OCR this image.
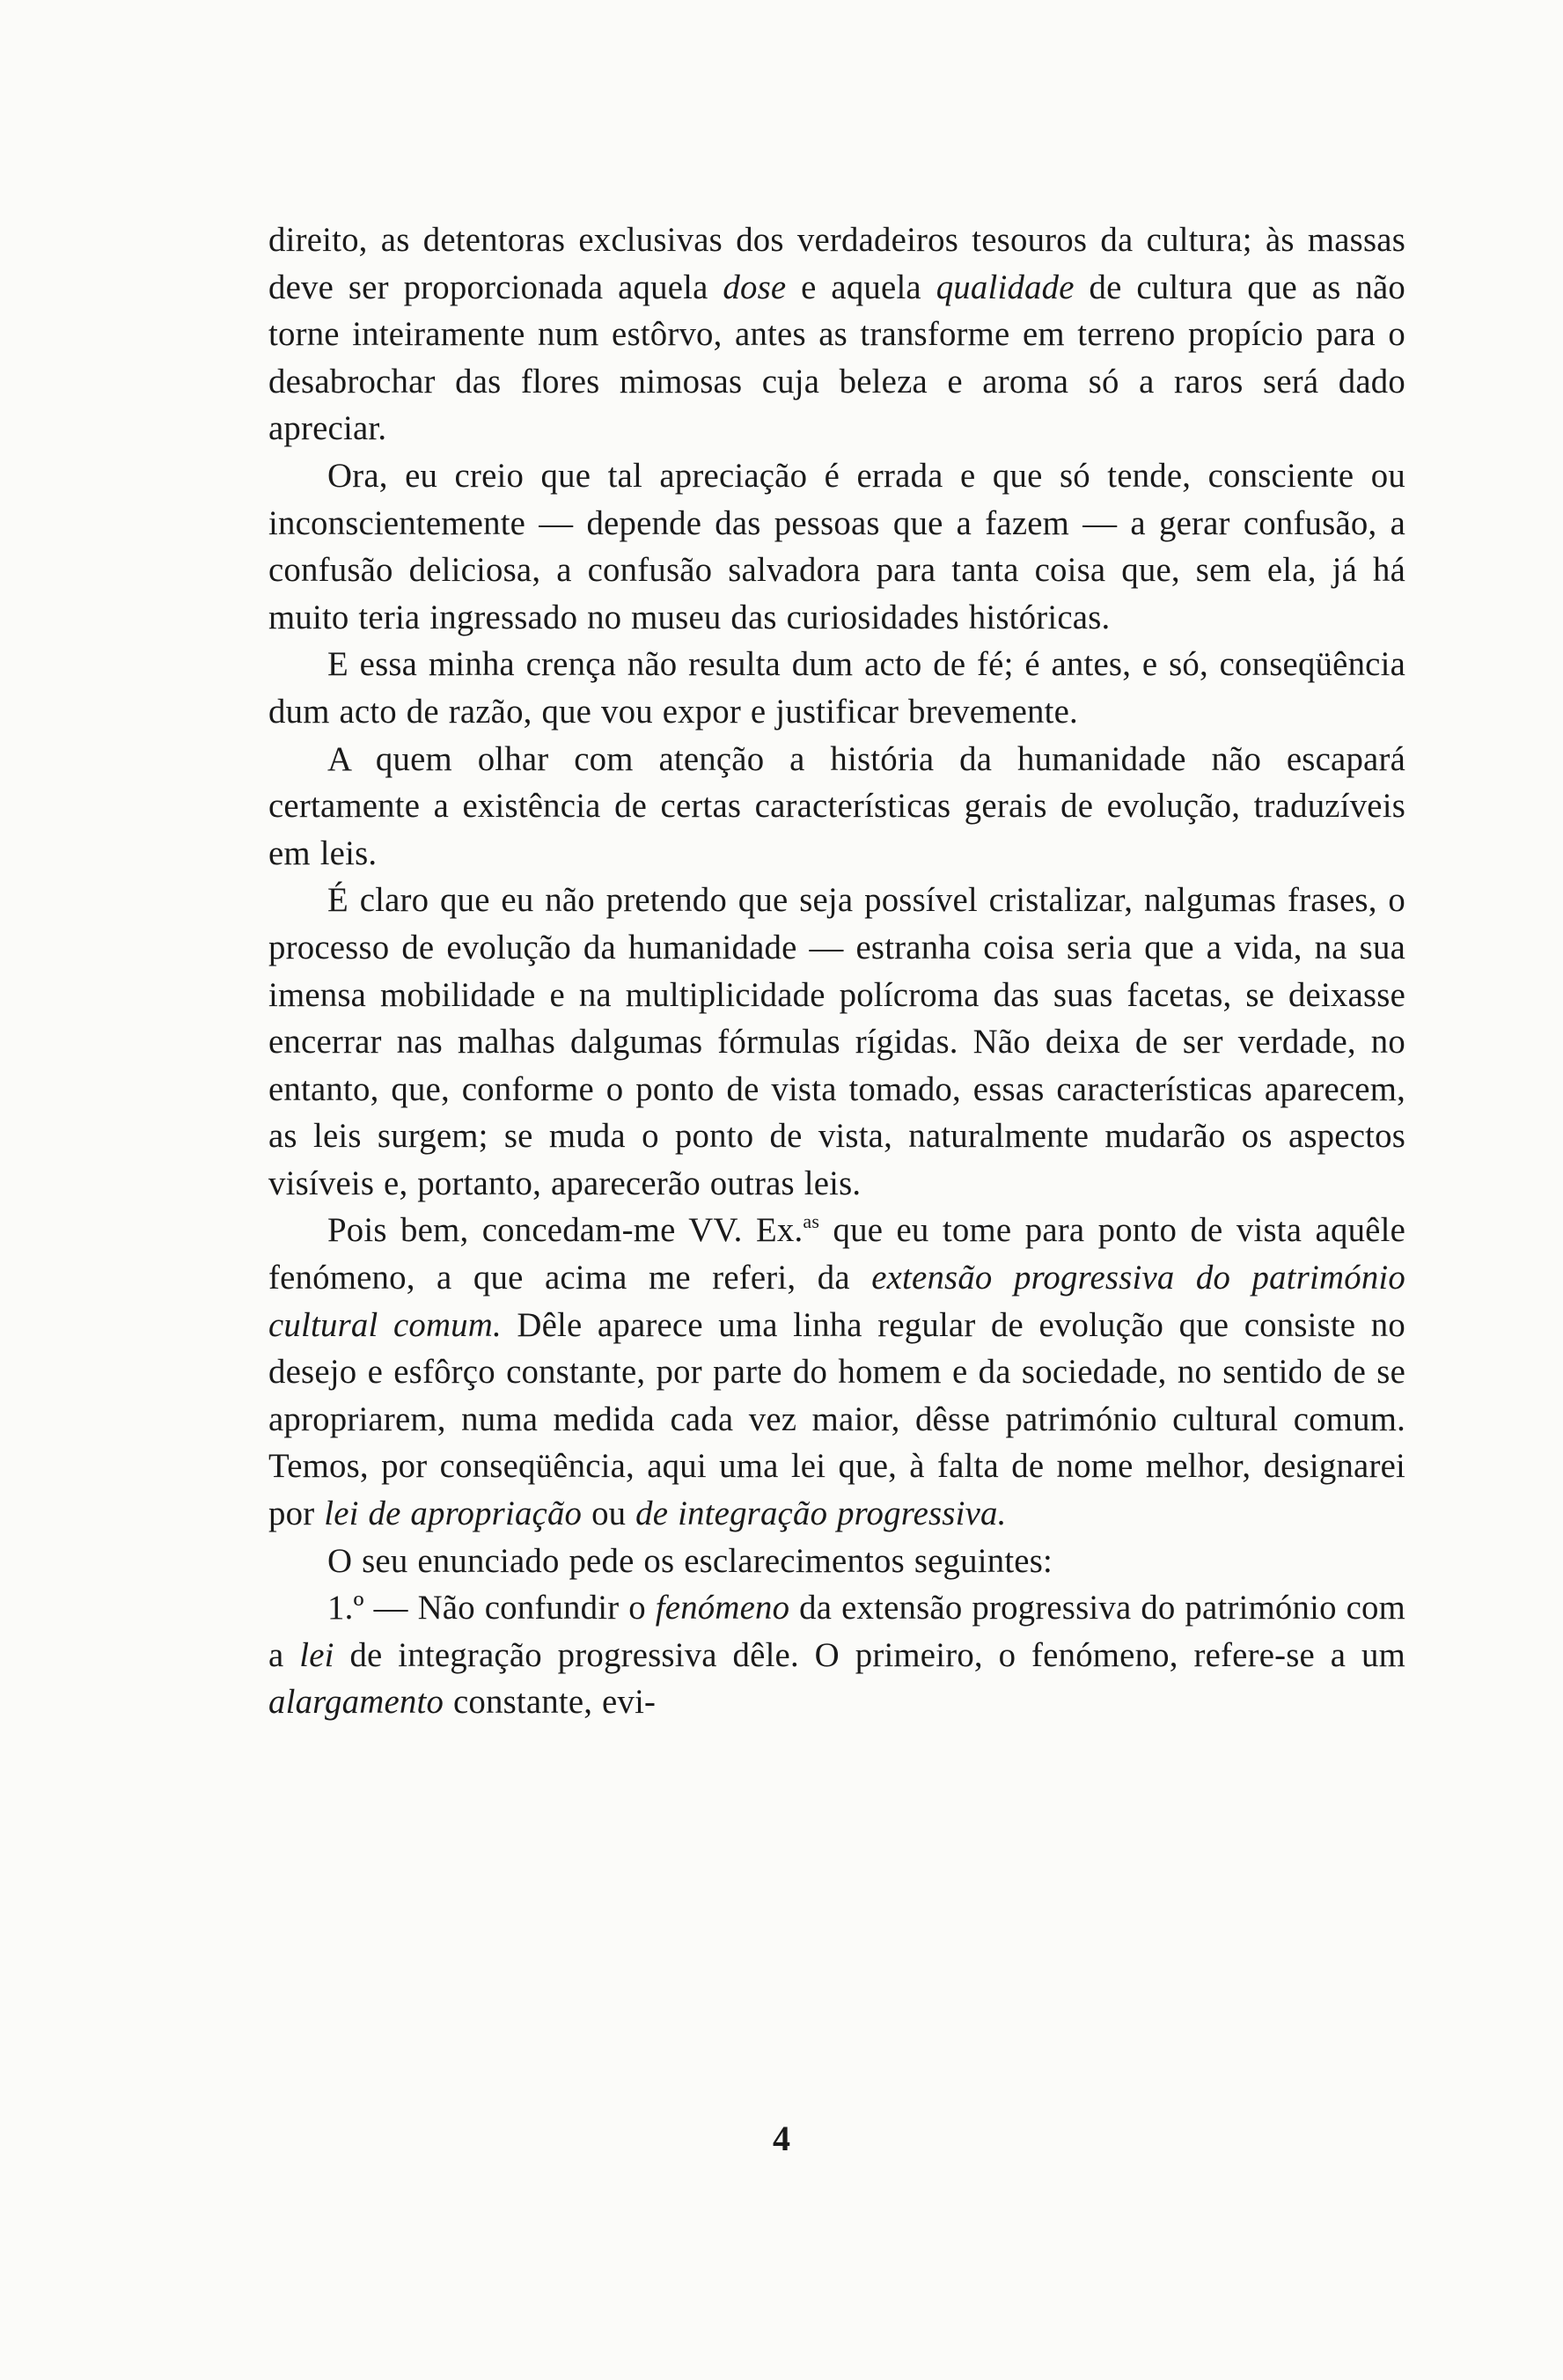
direito, as detentoras exclusivas dos verdadeiros tesouros da cultura; às massas deve ser proporcionada aquela dose e aquela qualidade de cultura que as não torne inteiramente num estôrvo, antes as transforme em terreno propício para o desabrochar das flores mimosas cuja beleza e aroma só a raros será dado apreciar.

Ora, eu creio que tal apreciação é errada e que só tende, consciente ou inconscientemente — depende das pessoas que a fazem — a gerar confusão, a confusão deliciosa, a confusão salvadora para tanta coisa que, sem ela, já há muito teria ingressado no museu das curiosidades históricas.

E essa minha crença não resulta dum acto de fé; é antes, e só, conseqüência dum acto de razão, que vou expor e justificar brevemente.

A quem olhar com atenção a história da humanidade não escapará certamente a existência de certas características gerais de evolução, traduzíveis em leis.

É claro que eu não pretendo que seja possível cristalizar, nalgumas frases, o processo de evolução da humanidade — estranha coisa seria que a vida, na sua imensa mobilidade e na multiplicidade polícroma das suas facetas, se deixasse encerrar nas malhas dalgumas fórmulas rígidas. Não deixa de ser verdade, no entanto, que, conforme o ponto de vista tomado, essas características aparecem, as leis surgem; se muda o ponto de vista, naturalmente mudarão os aspectos visíveis e, portanto, aparecerão outras leis.

Pois bem, concedam-me VV. Ex.$^{as}$ que eu tome para ponto de vista aquêle fenómeno, a que acima me referi, da extensão progressiva do património cultural comum. Dêle aparece uma linha regular de evolução que consiste no desejo e esfôrço constante, por parte do homem e da sociedade, no sentido de se apropriarem, numa medida cada vez maior, dêsse património cultural comum. Temos, por conseqüência, aqui uma lei que, à falta de nome melhor, designarei por lei de apropriação ou de integração progressiva.

O seu enunciado pede os esclarecimentos seguintes:

1.º — Não confundir o fenómeno da extensão progressiva do património com a lei de integração progressiva dêle. O primeiro, o fenómeno, refere-se a um alargamento constante, evi-

4
